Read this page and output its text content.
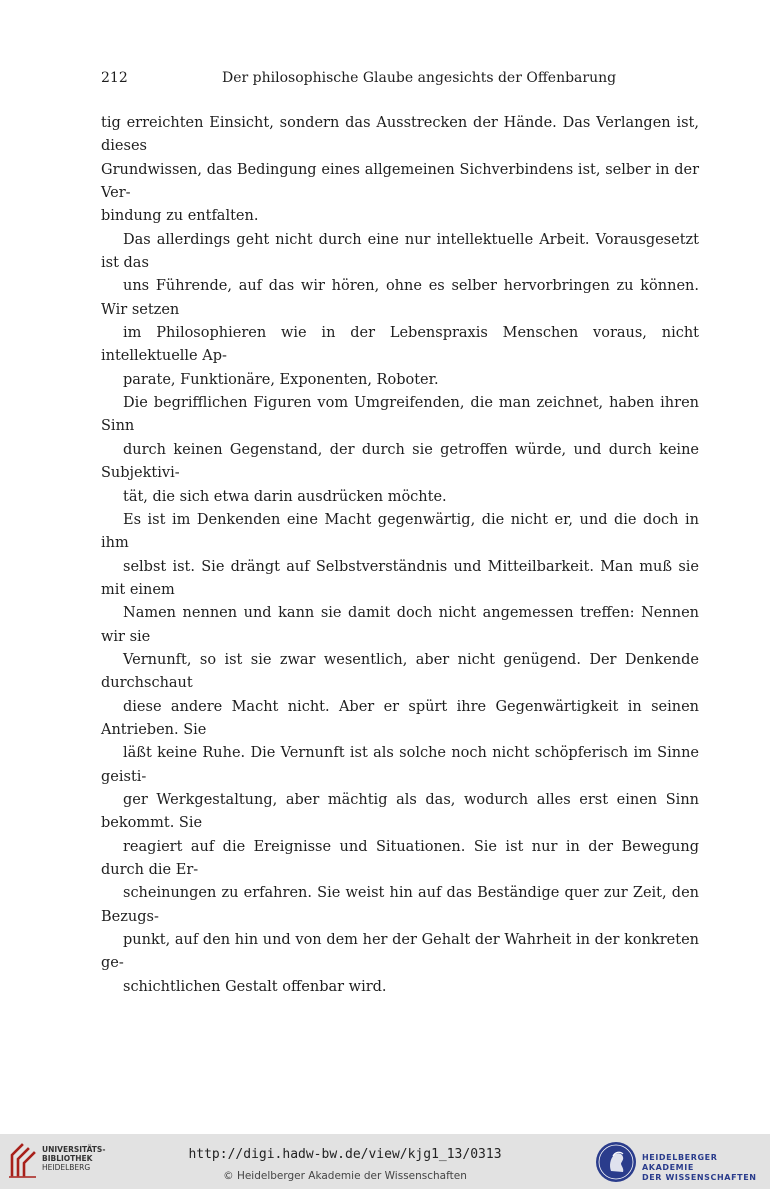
212	Der philosophische Glaube angesichts der Offenbarung

tig erreichten Einsicht, sondern das Ausstrecken der Hände. Das Verlangen ist, dieses
Grundwissen, das Bedingung eines allgemeinen Sichverbindens ist, selber in der Ver-
bindung zu entfalten.

Das allerdings geht nicht durch eine nur intellektuelle Arbeit. Vorausgesetzt ist das
uns Führende, auf das wir hören, ohne es selber hervorbringen zu können. Wir setzen
im Philosophieren wie in der Lebenspraxis Menschen voraus, nicht intellektuelle Ap-
parate, Funktionäre, Exponenten, Roboter.

Die begrifflichen Figuren vom Umgreifenden, die man zeichnet, haben ihren Sinn
durch keinen Gegenstand, der durch sie getroffen würde, und durch keine Subjektivi-
tät, die sich etwa darin ausdrücken möchte.

Es ist im Denkenden eine Macht gegenwärtig, die nicht er, und die doch in ihm
selbst ist. Sie drängt auf Selbstverständnis und Mitteilbarkeit. Man muß sie mit einem
Namen nennen und kann sie damit doch nicht angemessen treffen: Nennen wir sie
Vernunft, so ist sie zwar wesentlich, aber nicht genügend. Der Denkende durchschaut
diese andere Macht nicht. Aber er spürt ihre Gegenwärtigkeit in seinen Antrieben. Sie
läßt keine Ruhe. Die Vernunft ist als solche noch nicht schöpferisch im Sinne geisti-
ger Werkgestaltung, aber mächtig als das, wodurch alles erst einen Sinn bekommt. Sie
reagiert auf die Ereignisse und Situationen. Sie ist nur in der Bewegung durch die Er-
scheinungen zu erfahren. Sie weist hin auf das Beständige quer zur Zeit, den Bezugs-
punkt, auf den hin und von dem her der Gehalt der Wahrheit in der konkreten ge-
schichtlichen Gestalt offenbar wird.

UNIVERSITÄTS-
BIBLIOTHEK
HEIDELBERG
http://digi.hadw-bw.de/view/kjg1_13/0313
© Heidelberger Akademie der Wissenschaften
HEIDELBERGER AKADEMIE
DER WISSENSCHAFTEN
